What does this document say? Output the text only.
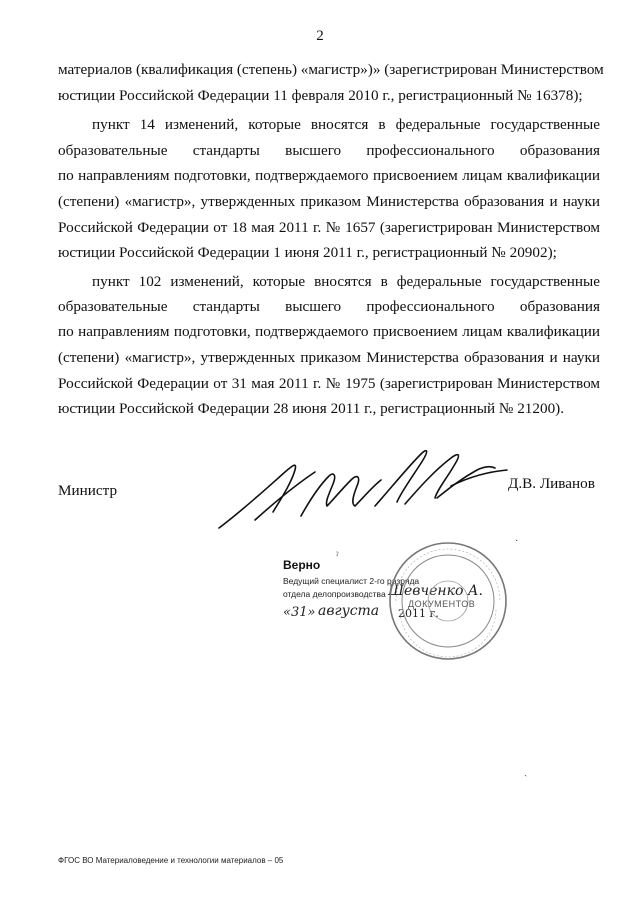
2
материалов (квалификация (степень) «магистр»)» (зарегистрирован Министерством
юстиции Российской Федерации 11 февраля 2010 г., регистрационный № 16378);
пункт 14 изменений, которые вносятся в федеральные государственные
образовательные стандарты высшего профессионального образования
по направлениям подготовки, подтверждаемого присвоением лицам квалификации
(степени) «магистр», утвержденных приказом Министерства образования и науки
Российской Федерации от 18 мая 2011 г. № 1657 (зарегистрирован Министерством
юстиции Российской Федерации 1 июня 2011 г., регистрационный № 20902);
пункт 102 изменений, которые вносятся в федеральные государственные
образовательные стандарты высшего профессионального образования
по направлениям подготовки, подтверждаемого присвоением лицам квалификации
(степени) «магистр», утвержденных приказом Министерства образования и науки
Российской Федерации от 31 мая 2011 г. № 1975 (зарегистрирован Министерством
юстиции Российской Федерации 28 июня 2011 г., регистрационный № 21200).
Министр	Д.В. Ливанов
Верно
Ведущий специалист 2-го разряда
отдела делопроизводства Шевченко А.
«31» августа 2011 г.
ДОКУМЕНТОВ
ˀ
·
ˏ
ФГОС ВО Материаловедение и технологии материалов – 05
